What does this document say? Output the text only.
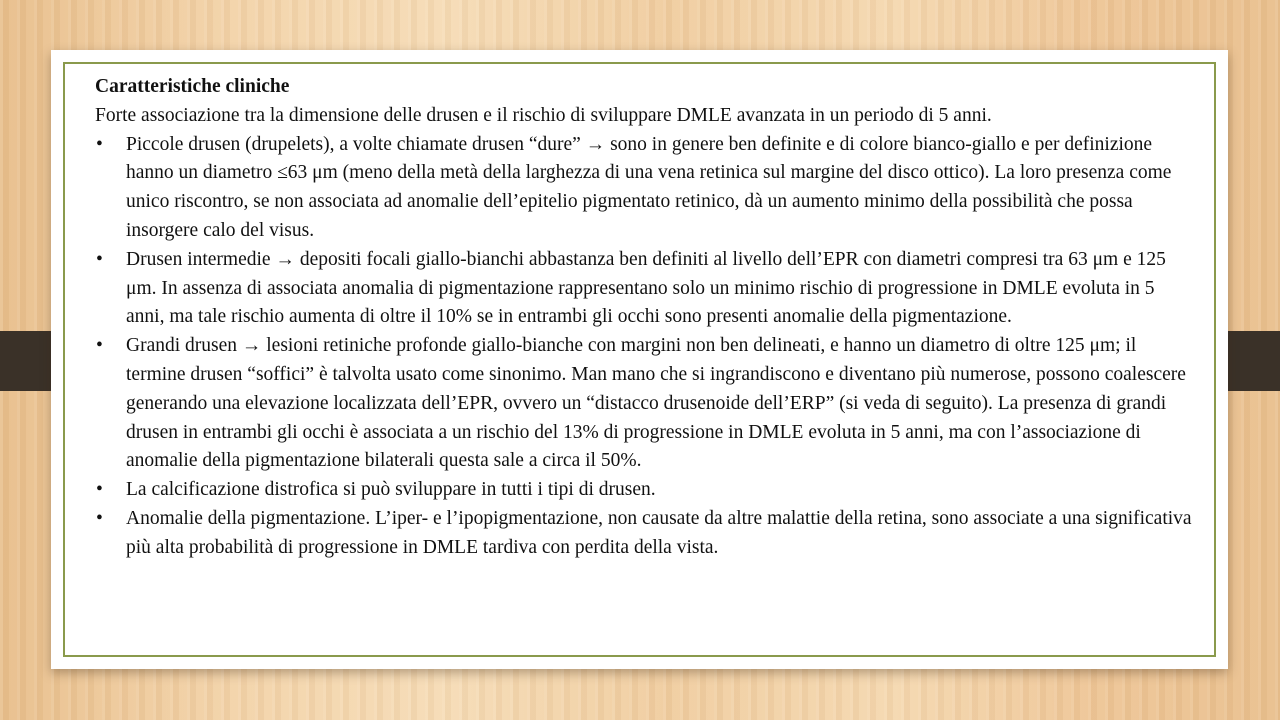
Caratteristiche cliniche

Forte associazione tra la dimensione delle drusen e il rischio di sviluppare DMLE avanzata in un periodo di 5 anni.

• Piccole drusen (drupelets), a volte chiamate drusen “dure” → sono in genere ben definite e di colore bianco-giallo e per definizione hanno un diametro ≤63 μm (meno della metà della larghezza di una vena retinica sul margine del disco ottico). La loro presenza come unico riscontro, se non associata ad anomalie dell’epitelio pigmentato retinico, dà un aumento minimo della possibilità che possa insorgere calo del visus.
• Drusen intermedie → depositi focali giallo-bianchi abbastanza ben definiti al livello dell’EPR con diametri compresi tra 63 μm e 125 μm. In assenza di associata anomalia di pigmentazione rappresentano solo un minimo rischio di progressione in DMLE evoluta in 5 anni, ma tale rischio aumenta di oltre il 10% se in entrambi gli occhi sono presenti anomalie della pigmentazione.
• Grandi drusen → lesioni retiniche profonde giallo-bianche con margini non ben delineati, e hanno un diametro di oltre 125 μm; il termine drusen “soffici” è talvolta usato come sinonimo. Man mano che si ingrandiscono e diventano più numerose, possono coalescere generando una elevazione localizzata dell’EPR, ovvero un “distacco drusenoide dell’ERP” (si veda di seguito). La presenza di grandi drusen in entrambi gli occhi è associata a un rischio del 13% di progressione in DMLE evoluta in 5 anni, ma con l’associazione di anomalie della pigmentazione bilaterali questa sale a circa il 50%.
• La calcificazione distrofica si può sviluppare in tutti i tipi di drusen.
• Anomalie della pigmentazione. L’iper- e l’ipopigmentazione, non causate da altre malattie della retina, sono associate a una significativa più alta probabilità di progressione in DMLE tardiva con perdita della vista.
